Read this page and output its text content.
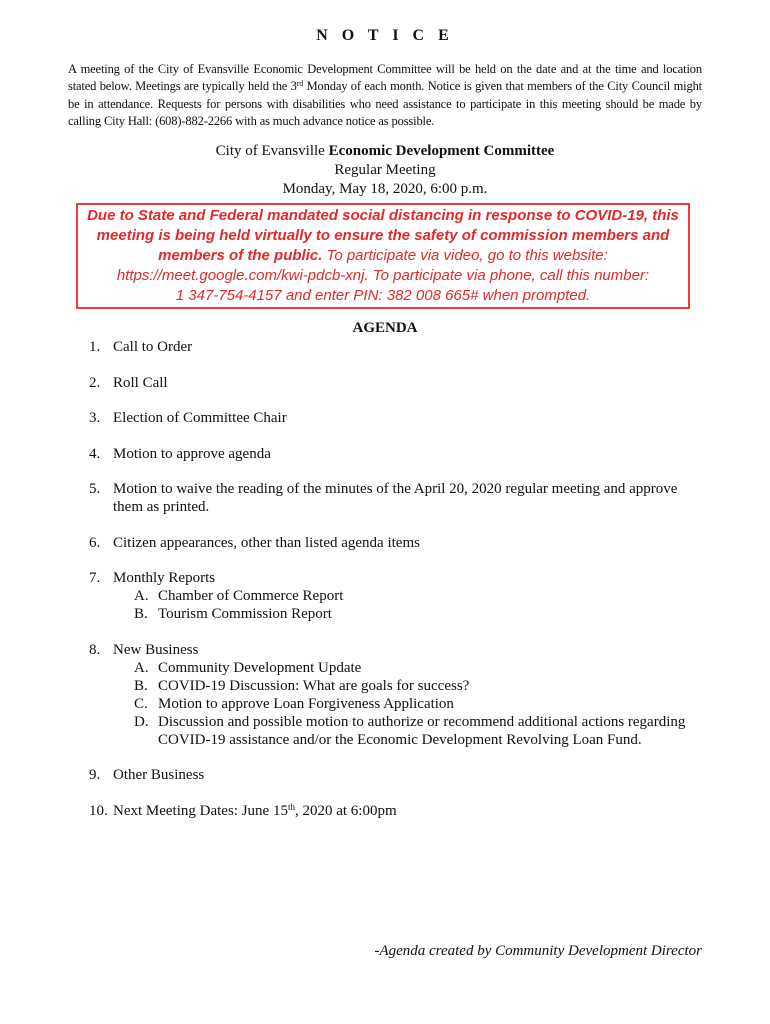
N O T I C E

A meeting of the City of Evansville Economic Development Committee will be held on the date and at the time and location stated below. Meetings are typically held the 3rd Monday of each month. Notice is given that members of the City Council might be in attendance. Requests for persons with disabilities who need assistance to participate in this meeting should be made by calling City Hall: (608)-882-2266 with as much advance notice as possible.

City of Evansville Economic Development Committee
Regular Meeting
Monday, May 18, 2020, 6:00 p.m.

Due to State and Federal mandated social distancing in response to COVID-19, this meeting is being held virtually to ensure the safety of commission members and members of the public. To participate via video, go to this website: https://meet.google.com/kwi-pdcb-xnj. To participate via phone, call this number:
1 347-754-4157 and enter PIN: 382 008 665# when prompted.

AGENDA
1. Call to Order
2. Roll Call
3. Election of Committee Chair
4. Motion to approve agenda
5. Motion to waive the reading of the minutes of the April 20, 2020 regular meeting and approve them as printed.
6. Citizen appearances, other than listed agenda items
7. Monthly Reports
A. Chamber of Commerce Report
B. Tourism Commission Report
8. New Business
A. Community Development Update
B. COVID-19 Discussion: What are goals for success?
C. Motion to approve Loan Forgiveness Application
D. Discussion and possible motion to authorize or recommend additional actions regarding COVID-19 assistance and/or the Economic Development Revolving Loan Fund.
9. Other Business
10. Next Meeting Dates: June 15th, 2020 at 6:00pm
-Agenda created by Community Development Director
